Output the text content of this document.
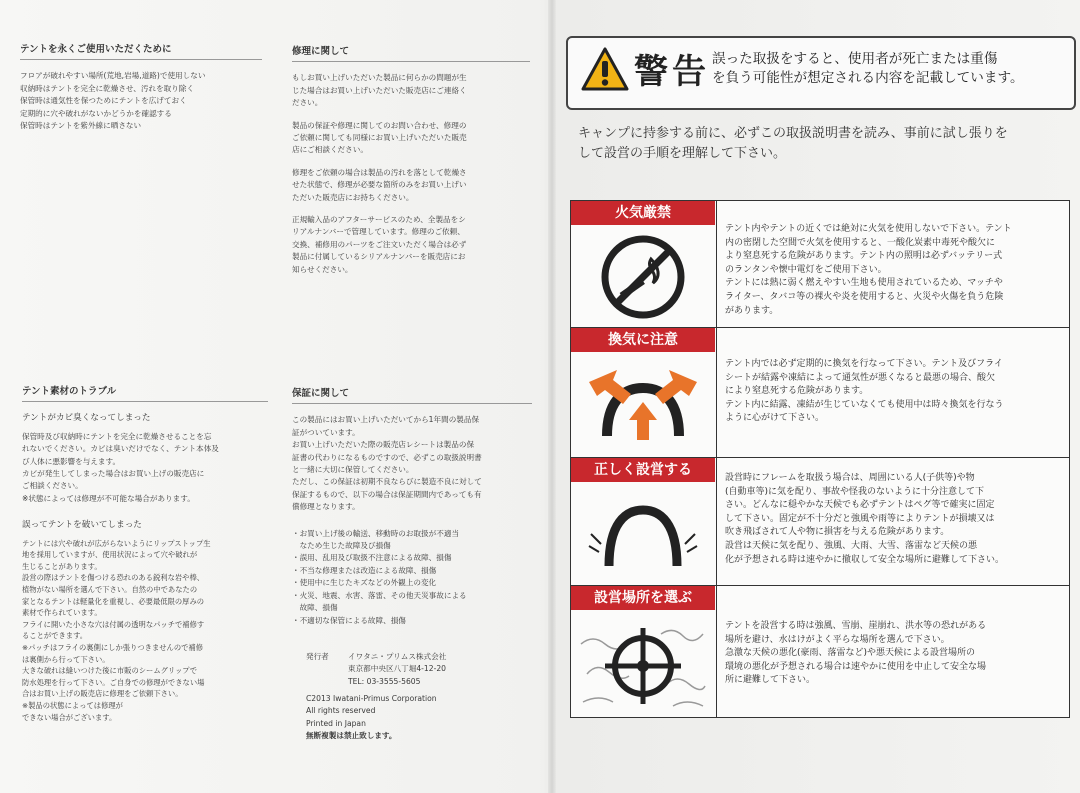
テントを永くご使用いただくために
フロアが破れやすい場所(荒地,岩場,道路)で使用しない
収納時はテントを完全に乾燥させ、汚れを取り除く
保管時は通気性を保つためにテントを広げておく
定期的に穴や破れがないかどうかを確認する
保管時はテントを紫外線に晒さない
テント素材のトラブル
テントがカビ臭くなってしまった
保管時及び収納時にテントを完全に乾燥させることを忘
れないでください。カビは臭いだけでなく、テント本体及
び人体に悪影響を与えます。
カビが発生してしまった場合はお買い上げの販売店に
ご相談ください。
※状態によっては修理が不可能な場合があります。
誤ってテントを破いてしまった
テントには穴や破れが広がらないようにリップストップ生
地を採用していますが、使用状況によって穴や破れが
生じることがあります。
設営の際はテントを傷つける恐れのある鋭利な岩や棒、
植物がない場所を選んで下さい。自然の中であなたの
家となるテントは軽量化を重視し、必要最低限の厚みの
素材で作られています。
フライに開いた小さな穴は付属の透明なパッチで補修す
ることができます。
※パッチはフライの裏側にしか張りつきませんので補修
は裏側から行って下さい。
大きな破れは縫いつけた後に市販のシームグリップで
防水処理を行って下さい。ご自身での修理ができない場
合はお買い上げの販売店に修理をご依頼下さい。
※製品の状態によっては修理が
できない場合がございます。
修理に関して
もしお買い上げいただいた製品に何らかの問題が生
じた場合はお買い上げいただいた販売店にご連絡く
ださい。
製品の保証や修理に関してのお問い合わせ、修理の
ご依頼に関しても同様にお買い上げいただいた販売
店にご相談ください。
修理をご依頼の場合は製品の汚れを落として乾燥さ
せた状態で、修理が必要な箇所のみをお買い上げい
ただいた販売店にお持ちください。
正規輸入品のアフターサービスのため、全製品をシ
リアルナンバーで管理しています。修理のご依頼、
交換、補修用のパーツをご注文いただく場合は必ず
製品に付属しているシリアルナンバーを販売店にお
知らせください。
保証に関して
この製品にはお買い上げいただいてから1年間の製品保
証がついています。
お買い上げいただいた際の販売店レシートは製品の保
証書の代わりになるものですので、必ずこの取扱説明書
と一緒に大切に保管してください。
ただし、この保証は初期不良ならびに製造不良に対して
保証するもので、以下の場合は保証期間内であっても有
償修理となります。
・お買い上げ後の輸送、移動時のお取扱が不適当
　なため生じた故障及び損傷
・誤用、乱用及び取扱不注意による故障、損傷
・不当な修理または改造による故障、損傷
・使用中に生じたキズなどの外観上の変化
・火災、地震、水害、落雷、その他天災事故による
　故障、損傷
・不適切な保管による故障、損傷
発行者	イワタニ・プリムス株式会社
東京都中央区八丁堀4-12-20
TEL: 03-3555-5605
C2013 Iwatani-Primus Corporation
All rights reserved
Printed in Japan
無断複製は禁止致します。
警告 誤った取扱をすると、使用者が死亡または重傷
を負う可能性が想定される内容を記載しています。
キャンプに持参する前に、必ずこの取扱説明書を読み、事前に試し張りを
して設営の手順を理解して下さい。
火気厳禁
テント内やテントの近くでは絶対に火気を使用しないで下さい。テント
内の密閉した空間で火気を使用すると、一酸化炭素中毒死や酸欠に
より窒息死する危険があります。テント内の照明は必ずバッテリー式
のランタンや懐中電灯をご使用下さい。
テントには熱に弱く燃えやすい生地も使用されているため、マッチや
ライター、タバコ等の裸火や炎を使用すると、火災や火傷を負う危険
があります。
換気に注意
テント内では必ず定期的に換気を行なって下さい。テント及びフライ
シートが結露や凍結によって通気性が悪くなると最悪の場合、酸欠
により窒息死する危険があります。
テント内に結露、凍結が生じていなくても使用中は時々換気を行なう
ように心がけて下さい。
正しく設営する	設営時にフレームを取扱う場合は、周囲にいる人(子供等)や物
(自動車等)に気を配り、事故や怪我のないように十分注意して下
さい。どんなに穏やかな天候でも必ずテントはペグ等で確実に固定
して下さい。固定が不十分だと強風や雨等によりテントが損壊又は
吹き飛ばされて人や物に損害を与える危険があります。
設営は天候に気を配り、強風、大雨、大雪、落雷など天候の悪
化が予想される時は速やかに撤収して安全な場所に避難して下さい。
設営場所を選ぶ
テントを設営する時は強風、雪崩、崖崩れ、洪水等の恐れがある
場所を避け、水はけがよく平らな場所を選んで下さい。
急激な天候の悪化(豪雨、落雷など)や悪天候による設営場所の
環境の悪化が予想される場合は速やかに使用を中止して安全な場
所に避難して下さい。
